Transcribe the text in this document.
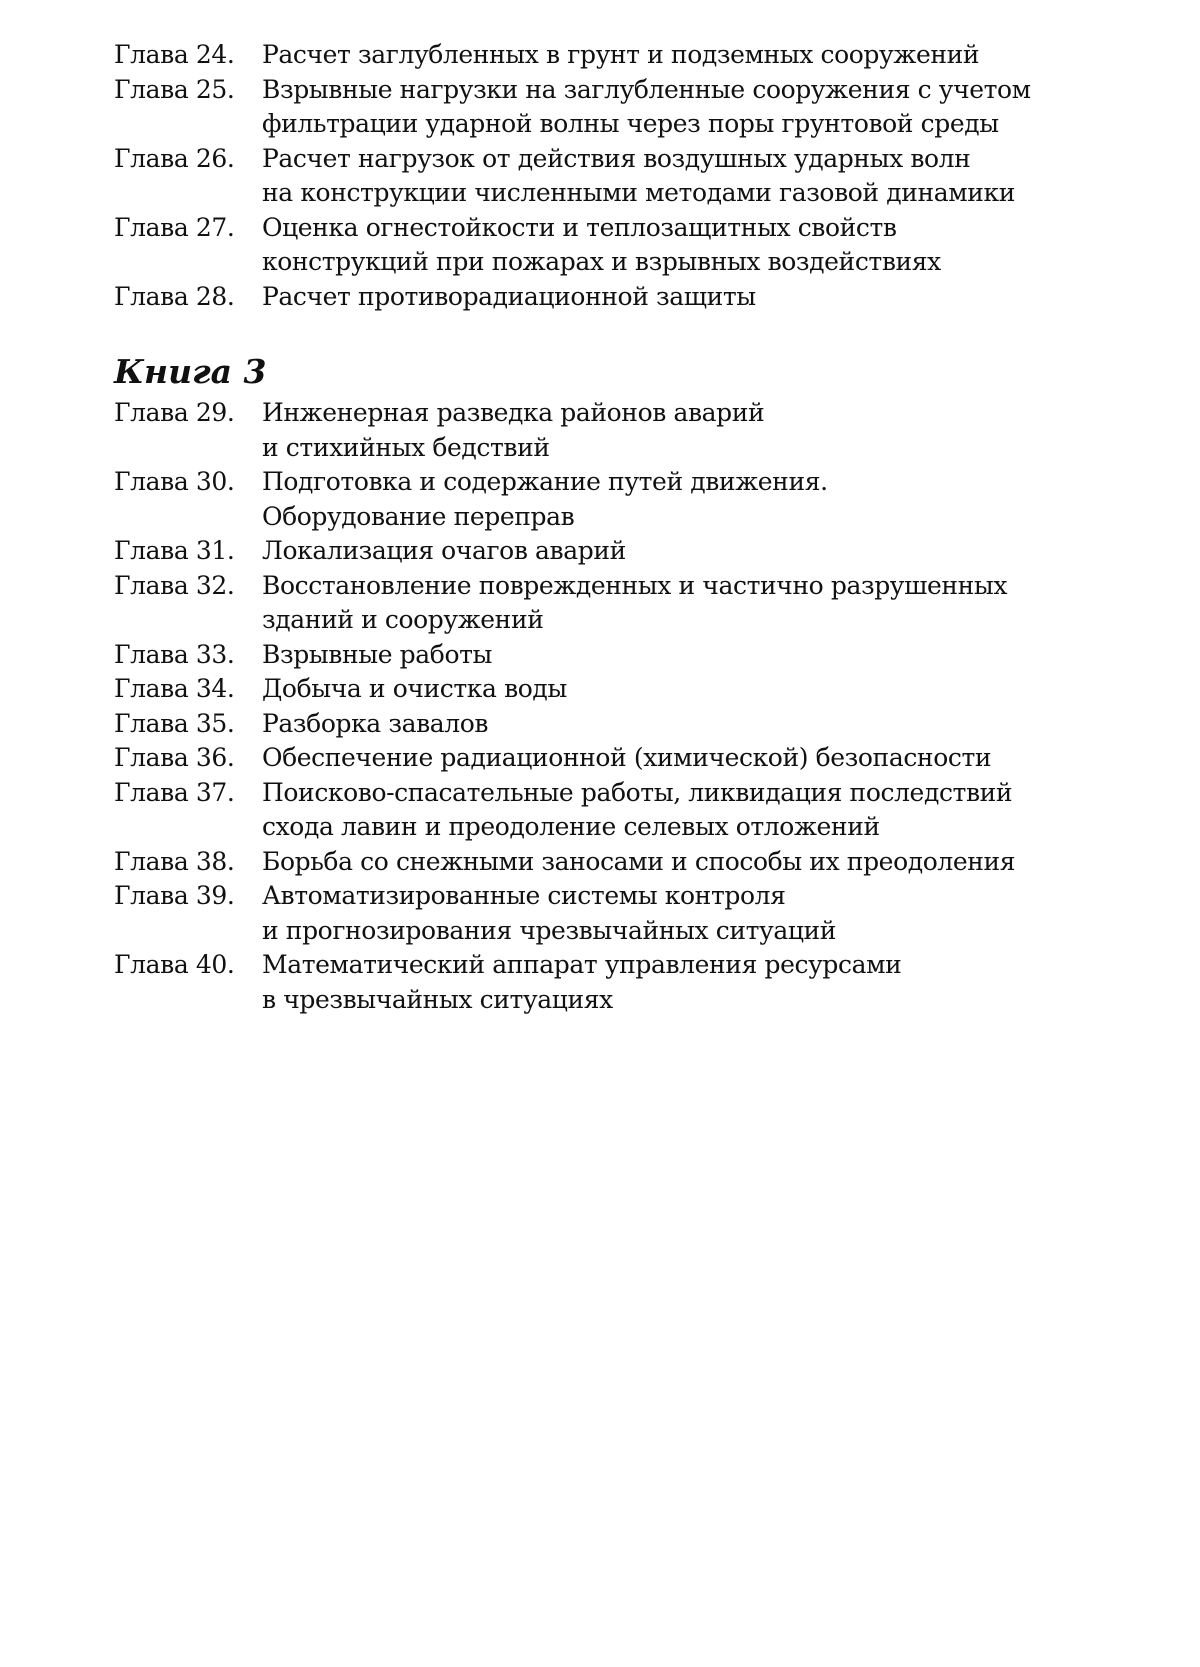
Глава 24.	Расчет заглубленных в грунт и подземных сооружений
Глава 25.	Взрывные нагрузки на заглубленные сооружения с учетом
фильтрации ударной волны через поры грунтовой среды
Глава 26.	Расчет нагрузок от действия воздушных ударных волн
на конструкции численными методами газовой динамики
Глава 27.	Оценка огнестойкости и теплозащитных свойств
конструкций при пожарах и взрывных воздействиях
Глава 28.	Расчет противорадиационной защиты
Книга 3
Глава 29.	Инженерная разведка районов аварий
и стихийных бедствий
Глава 30.	Подготовка и содержание путей движения.
Оборудование переправ
Глава 31.	Локализация очагов аварий
Глава 32.	Восстановление поврежденных и частично разрушенных
зданий и сооружений
Глава 33.	Взрывные работы
Глава 34.	Добыча и очистка воды
Глава 35.	Разборка завалов
Глава 36.	Обеспечение радиационной (химической) безопасности
Глава 37.	Поисково-спасательные работы, ликвидация последствий
схода лавин и преодоление селевых отложений
Глава 38.	Борьба со снежными заносами и способы их преодоления
Глава 39.	Автоматизированные системы контроля
и прогнозирования чрезвычайных ситуаций
Глава 40.	Математический аппарат управления ресурсами
в чрезвычайных ситуациях
